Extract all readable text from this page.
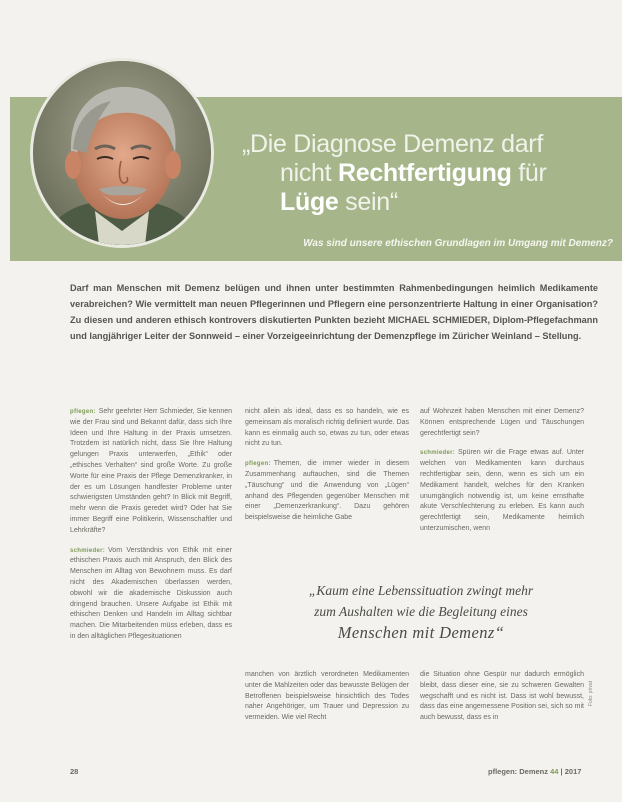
„Die Diagnose Demenz darf
nicht Rechtfertigung für
Lüge sein“
Was sind unsere ethischen Grundlagen im Umgang mit Demenz?
Darf man Menschen mit Demenz belügen und ihnen unter bestimmten Rahmenbedingungen heimlich Medikamente verabreichen? Wie vermittelt man neuen Pflegerinnen und Pflegern eine personzentrierte Haltung in einer Organisation? Zu diesen und anderen ethisch kontrovers diskutierten Punkten bezieht MICHAEL SCHMIEDER, Diplom-Pflegefachmann und langjähriger Leiter der Sonnweid – einer Vorzeigeeinrichtung der Demenzpflege im Züricher Weinland – Stellung.

pflegen: Sehr geehrter Herr Schmieder, Sie kennen wie der Frau sind und Bekannt dafür, dass sich Ihre Ideen und Ihre Haltung in der Praxis umsetzen. Trotzdem ist natürlich nicht, dass Sie Ihre Haltung gelungen Praxis unterwerfen, „Ethik“ oder „ethisches Verhalten“ sind große Worte. Zu große Worte für eine Praxis der Pflege Demenzkranker, in der es um Lösungen handfester Probleme unter schwierigsten Umständen geht? In Blick mit Begriff, mehr wenn die Praxis geredet wird? Oder hat Sie immer Begriff eine Politikerin, Wissenschaftler und Lehrkräfte?

schmieder: Vom Verständnis von Ethik mit einer ethischen Praxis auch mit Anspruch, den Blick des Menschen im Alltag von Bewohnern muss. Es darf nicht des Akademischen überlassen werden, obwohl wir die akademische Diskussion auch dringend brauchen. Unsere Aufgabe ist Ethik mit ethischen Denken und Handeln im Alltag sichtbar machen. Die Mitarbeitenden müss erleben, dass es in den alltäglichen Pflegesituationen

nicht allein als ideal, dass es so handeln, wie es gemeinsam als moralisch richtig definiert wurde. Das kann es einmalig auch so, etwas zu tun, oder etwas nicht zu tun.

pflegen: Themen, die immer wieder in diesem Zusammenhang auftauchen, sind die Themen „Täuschung“ und die Anwendung von „Lügen“ anhand des Pflegenden gegenüber Menschen mit einer „Demenzerkrankung“. Dazu gehören beispielsweise die heimliche Gabe

auf Wohnzeit haben Menschen mit einer Demenz? Können entsprechende Lügen und Täuschungen gerechtfertigt sein?

schmieder: Spüren wir die Frage etwas auf. Unter welchen von Medikamenten kann durchaus rechtfertigbar sein, denn, wenn es sich um ein Medikament handelt, welches für den Kranken unumgänglich notwendig ist, um keine ernsthafte akute Verschlechterung zu erleben. Es kann auch gerechtfertigt sein, Medikamente heimlich unterzumischen, wenn

„Kaum eine Lebenssituation zwingt mehr
zum Aushalten wie die Begleitung eines
Menschen mit Demenz“

manchen von ärztlich verordneten Medikamenten unter die Mahlzeiten oder das bewusste Belügen der Betroffenen beispielsweise hinsichtlich des Todes naher Angehöriger, um Trauer und Depression zu vermeiden. Wie viel Recht

die Situation ohne Gespür nur dadurch ermöglich bleibt, dass dieser eine, sie zu schweren Gewalten wegschafft und es nicht ist. Dass ist wohl bewusst, dass das eine angemessene Position sei, sich so mit auch bewusst, dass es in

Foto: privat
28	pflegen: Demenz 44 | 2017
